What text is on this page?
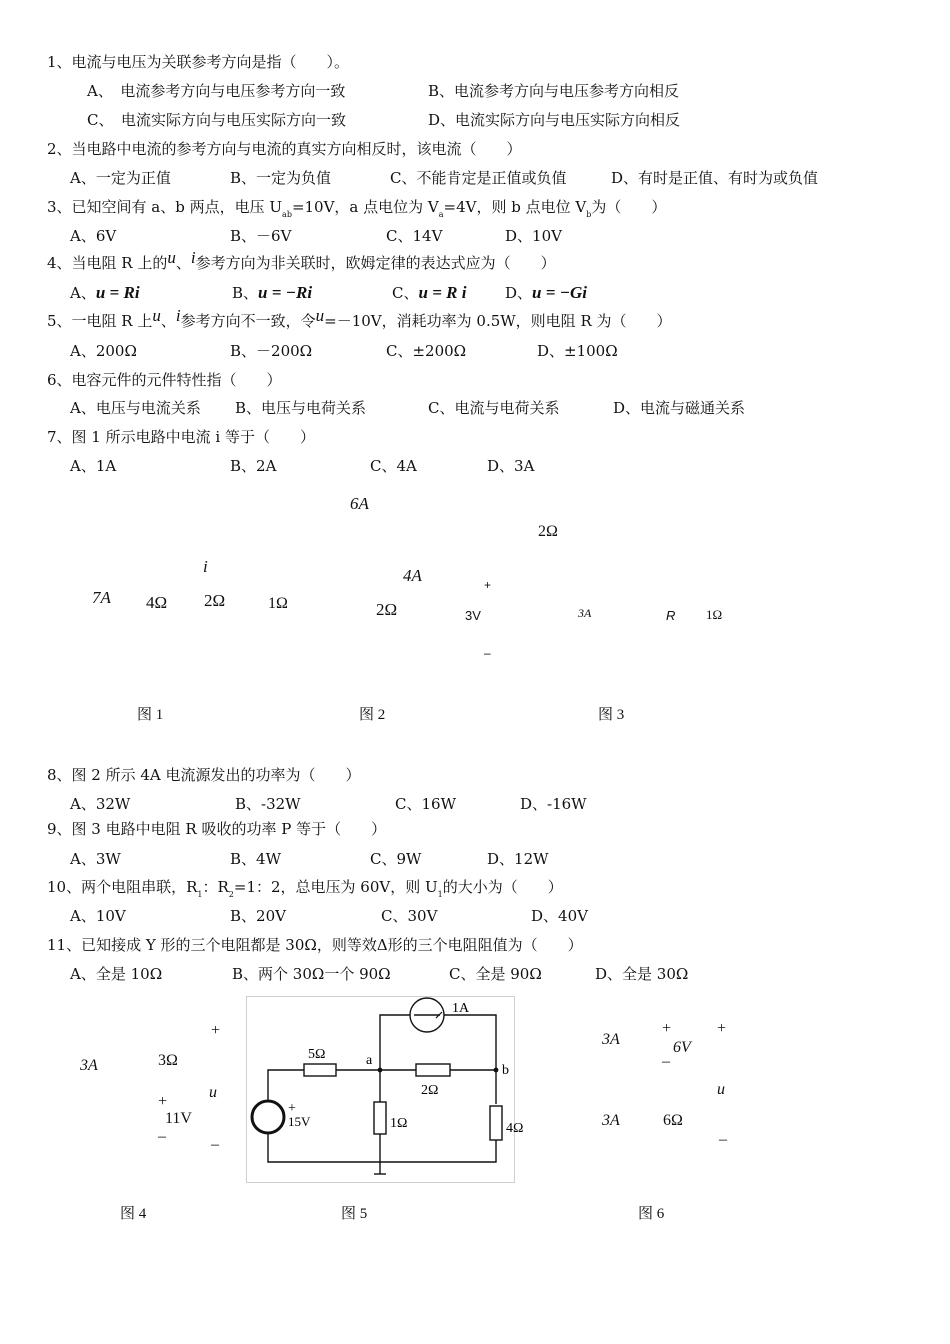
1、电流与电压为关联参考方向是指（　　）。
A、　电流参考方向与电压参考方向一致	B、电流参考方向与电压参考方向相反
C、　电流实际方向与电压实际方向一致	D、电流实际方向与电压实际方向相反
2、当电路中电流的参考方向与电流的真实方向相反时，该电流（　　）
A、一定为正值	B、一定为负值	C、不能肯定是正值或负值	D、有时是正值、有时为或负值
3、已知空间有 a、b 两点，电压 $U_{ab}=10V$，a 点电位为 $V_a=4V$，则 b 点电位 $V_b$为（　　）
A、6V	B、－6V	C、14V	D、10V
4、当电阻 R 上的u、i参考方向为非关联时，欧姆定律的表达式应为（　　）
A、u = Ri	B、u = −Ri	C、u = R i	D、u = −Gi
5、一电阻 R 上u、i参考方向不一致，令u=－10V，消耗功率为 0.5W，则电阻 R 为（　　）
A、200Ω	B、－200Ω	C、±200Ω	D、±100Ω
6、电容元件的元件特性指（　　）
A、电压与电流关系 B、电压与电荷关系	C、电流与电荷关系	D、电流与磁通关系
7、图 1 所示电路中电流 i 等于（　　）
A、1A	B、2A	C、4A	D、3A
6A
2Ω
i	4A	+
7A 4Ω 2Ω	1Ω	2Ω	3V	3A	R 1Ω
–
图 1	图 2	图 3
8、图 2 所示 4A 电流源发出的功率为（　　）
A、32W	B、-32W	C、16W	D、-16W
9、图 3 电路中电阻 R 吸收的功率 P 等于（　　）
A、3W	B、4W	C、9W	D、12W
10、两个电阻串联，$R_1$：$R_2=1$：2，总电压为 60V，则 $U_1$的大小为（　　）
A、10V	B、20V	C、30V	D、40V
11、已知接成 Y 形的三个电阻都是 30Ω，则等效Δ形的三个电阻阻值为（　　）
A、全是 10Ω	B、两个 30Ω一个 90Ω	C、全是 90Ω	D、全是 30Ω
+
3Ω
3A
u
+
11V
–	–
1A
5Ω	a
2Ω
b
+
15V	1Ω	4Ω
+	+
3A	6V
–
u
3A	6Ω
–
图 4	图 5	图 6
